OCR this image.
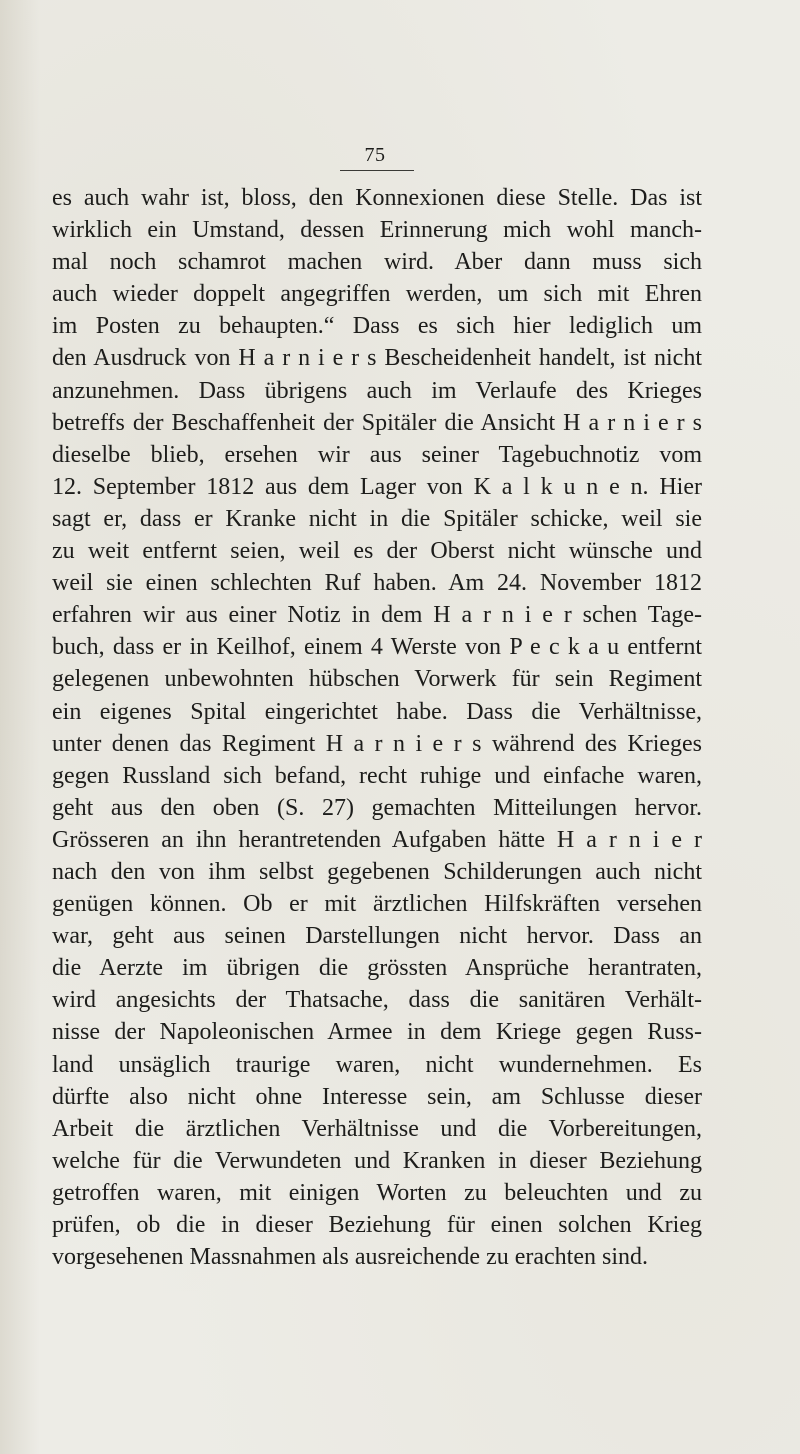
75
es auch wahr ist, bloss, den Konnexionen diese Stelle. Das ist
wirklich ein Umstand, dessen Erinnerung mich wohl manch-
mal noch schamrot machen wird. Aber dann muss sich
auch wieder doppelt angegriffen werden, um sich mit Ehren
im Posten zu behaupten.“ Dass es sich hier lediglich um
den Ausdruck von H a r n i e r s Bescheidenheit handelt, ist nicht
anzunehmen. Dass übrigens auch im Verlaufe des Krieges
betreffs der Beschaffenheit der Spitäler die Ansicht H a r n i e r s
dieselbe blieb, ersehen wir aus seiner Tagebuchnotiz vom
12. September 1812 aus dem Lager von K a l k u n e n. Hier
sagt er, dass er Kranke nicht in die Spitäler schicke, weil sie
zu weit entfernt seien, weil es der Oberst nicht wünsche und
weil sie einen schlechten Ruf haben. Am 24. November 1812
erfahren wir aus einer Notiz in dem H a r n i e r schen Tage-
buch, dass er in Keilhof, einem 4 Werste von P e c k a u entfernt
gelegenen unbewohnten hübschen Vorwerk für sein Regiment
ein eigenes Spital eingerichtet habe. Dass die Verhältnisse,
unter denen das Regiment H a r n i e r s während des Krieges
gegen Russland sich befand, recht ruhige und einfache waren,
geht aus den oben (S. 27) gemachten Mitteilungen hervor.
Grösseren an ihn herantretenden Aufgaben hätte H a r n i e r
nach den von ihm selbst gegebenen Schilderungen auch nicht
genügen können. Ob er mit ärztlichen Hilfskräften versehen
war, geht aus seinen Darstellungen nicht hervor. Dass an
die Aerzte im übrigen die grössten Ansprüche herantraten,
wird angesichts der Thatsache, dass die sanitären Verhält-
nisse der Napoleonischen Armee in dem Kriege gegen Russ-
land unsäglich traurige waren, nicht wundernehmen. Es
dürfte also nicht ohne Interesse sein, am Schlusse dieser
Arbeit die ärztlichen Verhältnisse und die Vorbereitungen,
welche für die Verwundeten und Kranken in dieser Beziehung
getroffen waren, mit einigen Worten zu beleuchten und zu
prüfen, ob die in dieser Beziehung für einen solchen Krieg
vorgesehenen Massnahmen als ausreichende zu erachten sind.
